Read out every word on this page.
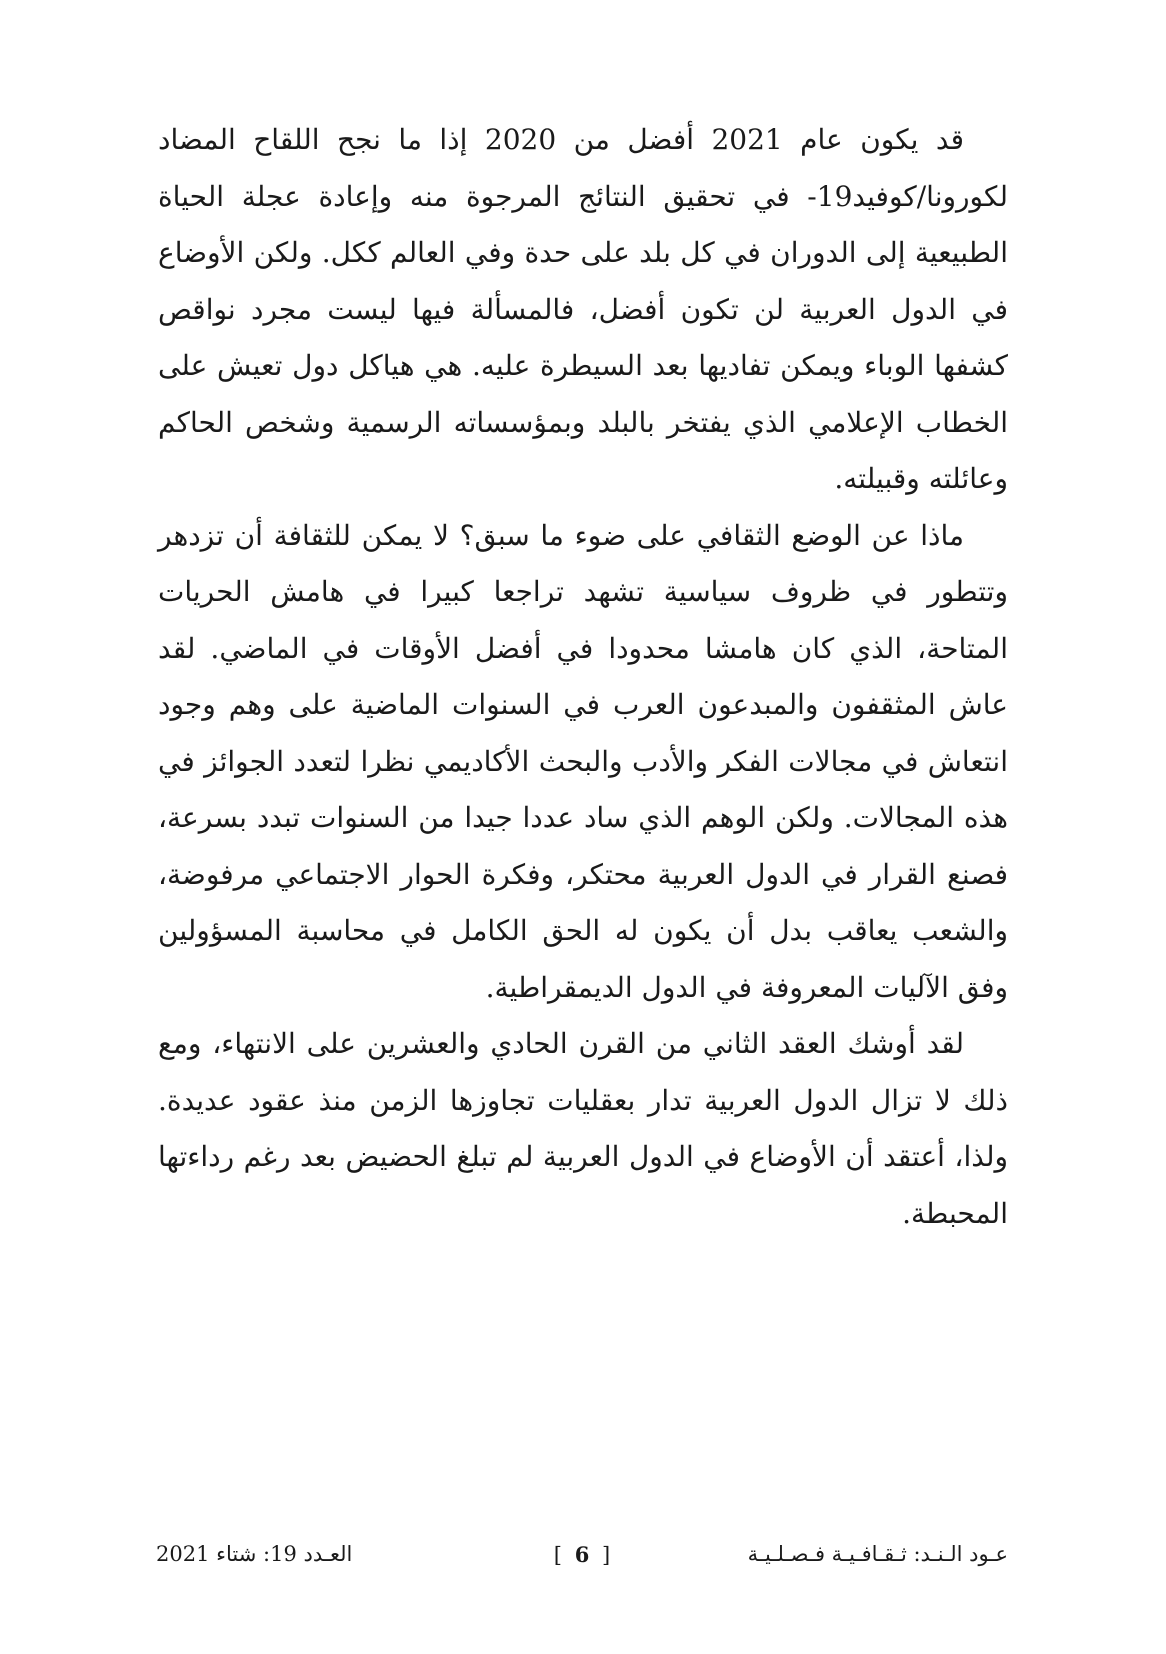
قد يكون عام 2021 أفضل من 2020 إذا ما نجح اللقاح المضاد لكورونا/كوفيد19- في تحقيق النتائج المرجوة منه وإعادة عجلة الحياة الطبيعية إلى الدوران في كل بلد على حدة وفي العالم ككل. ولكن الأوضاع في الدول العربية لن تكون أفضل، فالمسألة فيها ليست مجرد نواقص كشفها الوباء ويمكن تفاديها بعد السيطرة عليه. هي هياكل دول تعيش على الخطاب الإعلامي الذي يفتخر بالبلد وبمؤسساته الرسمية وشخص الحاكم وعائلته وقبيلته.

ماذا عن الوضع الثقافي على ضوء ما سبق؟ لا يمكن للثقافة أن تزدهر وتتطور في ظروف سياسية تشهد تراجعا كبيرا في هامش الحريات المتاحة، الذي كان هامشا محدودا في أفضل الأوقات في الماضي. لقد عاش المثقفون والمبدعون العرب في السنوات الماضية على وهم وجود انتعاش في مجالات الفكر والأدب والبحث الأكاديمي نظرا لتعدد الجوائز في هذه المجالات. ولكن الوهم الذي ساد عددا جيدا من السنوات تبدد بسرعة، فصنع القرار في الدول العربية محتكر، وفكرة الحوار الاجتماعي مرفوضة، والشعب يعاقب بدل أن يكون له الحق الكامل في محاسبة المسؤولين وفق الآليات المعروفة في الدول الديمقراطية.

لقد أوشك العقد الثاني من القرن الحادي والعشرين على الانتهاء، ومع ذلك لا تزال الدول العربية تدار بعقليات تجاوزها الزمن منذ عقود عديدة. ولذا، أعتقد أن الأوضاع في الدول العربية لم تبلغ الحضيض بعد رغم رداءتها المحبطة.

عـود الـنـد: ثـقـافـيـة فـصـلـيـة
[ 6 ]
العـدد 19: شتاء 2021
